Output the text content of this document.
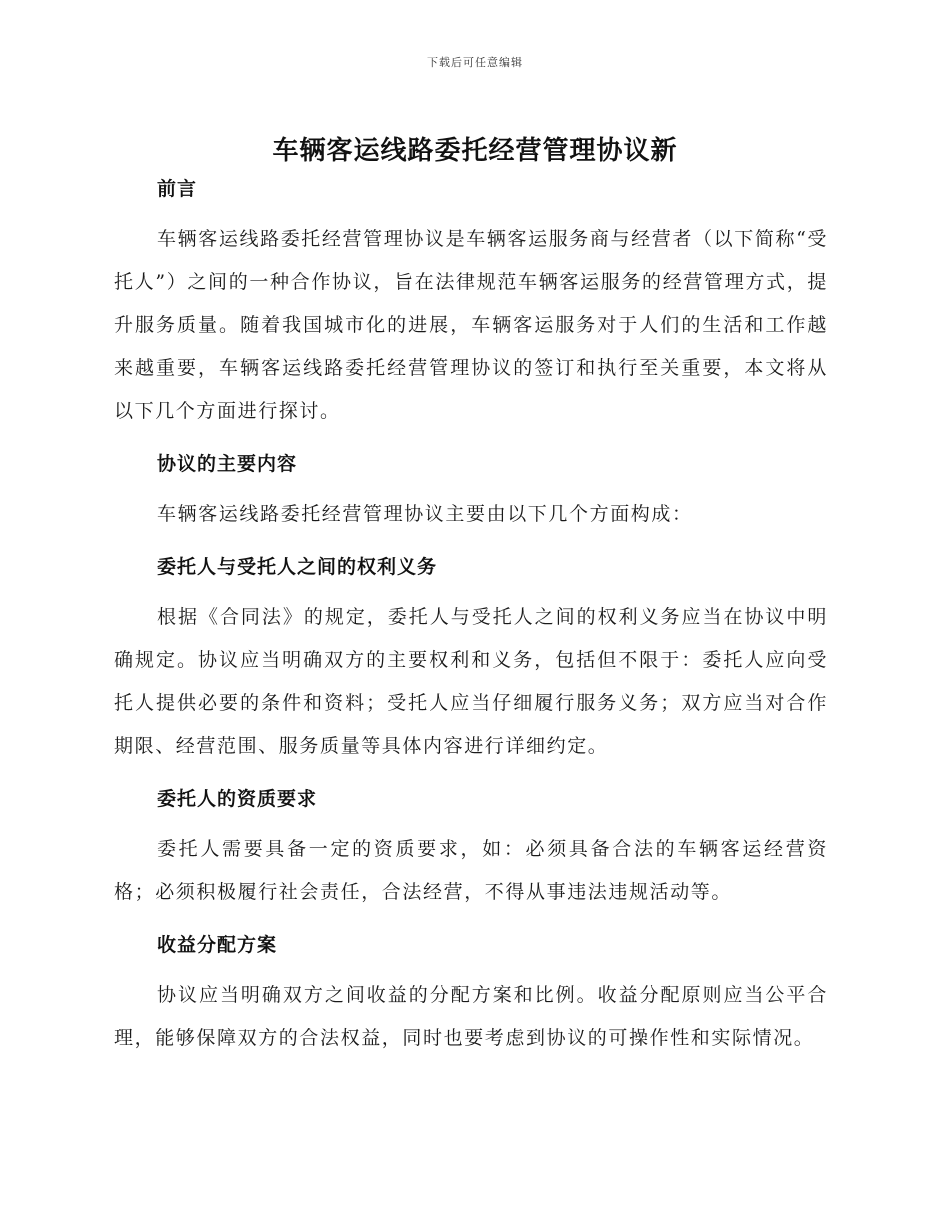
下载后可任意编辑
车辆客运线路委托经营管理协议新
前言

车辆客运线路委托经营管理协议是车辆客运服务商与经营者（以下简称“受托人”）之间的一种合作协议，旨在法律规范车辆客运服务的经营管理方式，提升服务质量。随着我国城市化的进展，车辆客运服务对于人们的生活和工作越来越重要，车辆客运线路委托经营管理协议的签订和执行至关重要，本文将从以下几个方面进行探讨。

协议的主要内容

车辆客运线路委托经营管理协议主要由以下几个方面构成：

委托人与受托人之间的权利义务

根据《合同法》的规定，委托人与受托人之间的权利义务应当在协议中明确规定。协议应当明确双方的主要权利和义务，包括但不限于：委托人应向受托人提供必要的条件和资料；受托人应当仔细履行服务义务；双方应当对合作期限、经营范围、服务质量等具体内容进行详细约定。

委托人的资质要求

委托人需要具备一定的资质要求，如：必须具备合法的车辆客运经营资格；必须积极履行社会责任，合法经营，不得从事违法违规活动等。

收益分配方案

协议应当明确双方之间收益的分配方案和比例。收益分配原则应当公平合理，能够保障双方的合法权益，同时也要考虑到协议的可操作性和实际情况。
